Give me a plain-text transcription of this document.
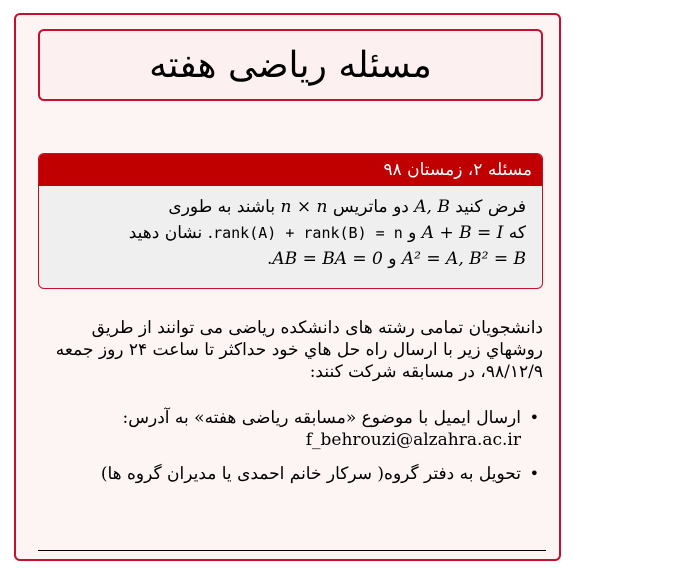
مسئله ریاضی هفته
مسئله ۲، زمستان ۹۸
فرض کنید A, B دو ماتریس n × n باشند به طوری
که A + B = I و rank(A) + rank(B) = n. نشان دهید
A² = A, B² = B و AB = BA = 0.
دانشجویان تمامی رشته های دانشکده ریاضی می توانند از طریق روشهاي زیر با ارسال راه حل هاي خود حداکثر تا ساعت ۲۴ روز جمعه ۹۸/۱۲/۹، در مسابقه شرکت کنند:
•
ارسال ایمیل با موضوع «مسابقه ریاضی هفته» به آدرس:
f_behrouzi@alzahra.ac.ir
•
تحویل به دفتر گروه( سرکار خانم احمدی یا مدیران گروه ها)
